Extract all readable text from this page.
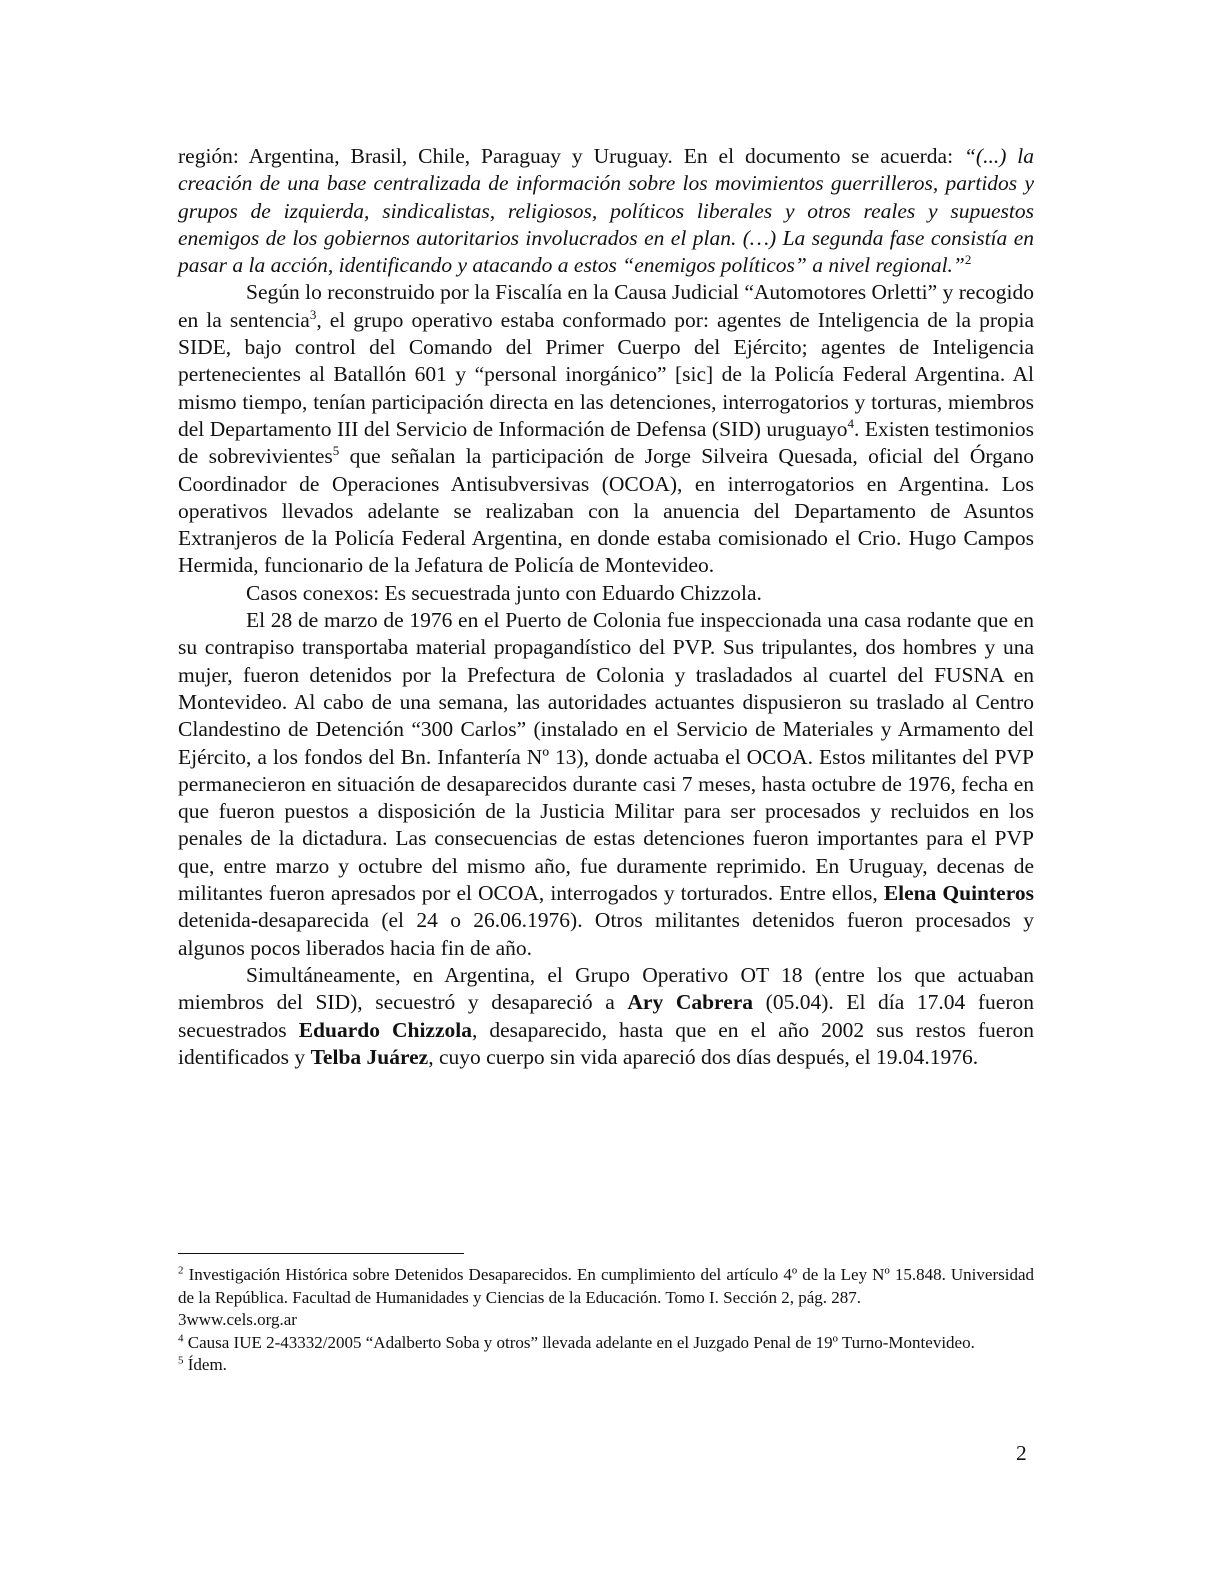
región: Argentina, Brasil, Chile, Paraguay y Uruguay. En el documento se acuerda: “(...) la creación de una base centralizada de información sobre los movimientos guerrilleros, partidos y grupos de izquierda, sindicalistas, religiosos, políticos liberales y otros reales y supuestos enemigos de los gobiernos autoritarios involucrados en el plan. (…) La segunda fase consistía en pasar a la acción, identificando y atacando a estos “enemigos políticos” a nivel regional.”$^2$

Según lo reconstruido por la Fiscalía en la Causa Judicial “Automotores Orletti” y recogido en la sentencia$^3$, el grupo operativo estaba conformado por: agentes de Inteligencia de la propia SIDE, bajo control del Comando del Primer Cuerpo del Ejército; agentes de Inteligencia pertenecientes al Batallón 601 y “personal inorgánico” [sic] de la Policía Federal Argentina. Al mismo tiempo, tenían participación directa en las detenciones, interrogatorios y torturas, miembros del Departamento III del Servicio de Información de Defensa (SID) uruguayo$^4$. Existen testimonios de sobrevivientes$^5$ que señalan la participación de Jorge Silveira Quesada, oficial del Órgano Coordinador de Operaciones Antisubversivas (OCOA), en interrogatorios en Argentina. Los operativos llevados adelante se realizaban con la anuencia del Departamento de Asuntos Extranjeros de la Policía Federal Argentina, en donde estaba comisionado el Crio. Hugo Campos Hermida, funcionario de la Jefatura de Policía de Montevideo.

Casos conexos: Es secuestrada junto con Eduardo Chizzola.

El 28 de marzo de 1976 en el Puerto de Colonia fue inspeccionada una casa rodante que en su contrapiso transportaba material propagandístico del PVP. Sus tripulantes, dos hombres y una mujer, fueron detenidos por la Prefectura de Colonia y trasladados al cuartel del FUSNA en Montevideo. Al cabo de una semana, las autoridades actuantes dispusieron su traslado al Centro Clandestino de Detención “300 Carlos” (instalado en el Servicio de Materiales y Armamento del Ejército, a los fondos del Bn. Infantería Nº 13), donde actuaba el OCOA. Estos militantes del PVP permanecieron en situación de desaparecidos durante casi 7 meses, hasta octubre de 1976, fecha en que fueron puestos a disposición de la Justicia Militar para ser procesados y recluidos en los penales de la dictadura. Las consecuencias de estas detenciones fueron importantes para el PVP que, entre marzo y octubre del mismo año, fue duramente reprimido. En Uruguay, decenas de militantes fueron apresados por el OCOA, interrogados y torturados. Entre ellos, Elena Quinteros detenida-desaparecida (el 24 o 26.06.1976). Otros militantes detenidos fueron procesados y algunos pocos liberados hacia fin de año.

Simultáneamente, en Argentina, el Grupo Operativo OT 18 (entre los que actuaban miembros del SID), secuestró y desapareció a Ary Cabrera (05.04). El día 17.04 fueron secuestrados Eduardo Chizzola, desaparecido, hasta que en el año 2002 sus restos fueron identificados y Telba Juárez, cuyo cuerpo sin vida apareció dos días después, el 19.04.1976.

$^2$ Investigación Histórica sobre Detenidos Desaparecidos. En cumplimiento del artículo 4º de la Ley Nº 15.848. Universidad de la República. Facultad de Humanidades y Ciencias de la Educación. Tomo I. Sección 2, pág. 287.

3www.cels.org.ar

$^4$ Causa IUE 2-43332/2005 “Adalberto Soba y otros” llevada adelante en el Juzgado Penal de 19º Turno-Montevideo.

$^5$ Ídem.

2
